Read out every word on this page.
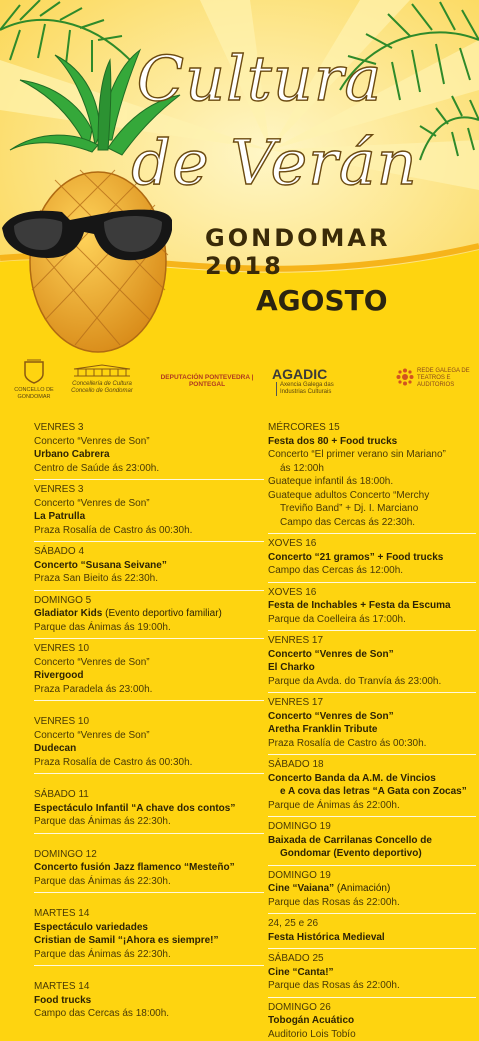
Cultura
de Verán
GONDOMAR 2018
AGOSTO
CONCELLO DE GONDOMAR
Concellería de Cultura Concello de Gondomar
DEPUTACIÓN PONTEVEDRA | PONTEGAL
AGADIC Axencia Galega das Industrias Culturais
REDE GALEGA DE TEATROS E AUDITORIOS
VENRES 3
Concerto “Venres de Son”
Urbano Cabrera
Centro de Saúde ás 23:00h.
VENRES 3
Concerto “Venres de Son”
La Patrulla
Praza Rosalía de Castro ás 00:30h.
SÁBADO 4
Concerto “Susana Seivane”
Praza San Bieito ás 22:30h.
DOMINGO 5
Gladiator Kids (Evento deportivo familiar)
Parque das Ánimas ás 19:00h.
VENRES 10
Concerto “Venres de Son”
Rivergood
Praza Paradela ás 23:00h.
VENRES 10
Concerto “Venres de Son”
Dudecan
Praza Rosalía de Castro ás 00:30h.
SÁBADO 11
Espectáculo Infantil “A chave dos contos”
Parque das Ánimas ás 22:30h.
DOMINGO 12
Concerto fusión Jazz flamenco “Mesteño”
Parque das Ánimas ás 22:30h.
MARTES 14
Espectáculo variedades
Cristian de Samil “¡Ahora es siempre!”
Parque das Ánimas ás 22:30h.
MARTES 14
Food trucks
Campo das Cercas ás 18:00h.
MÉRCORES 15
Festa dos 80 + Food trucks
Concerto “El primer verano sin Mariano”
ás 12:00h
Guateque infantil ás 18:00h.
Guateque adultos Concerto “Merchy
Treviño Band” + Dj. I. Marciano
Campo das Cercas ás 22:30h.
XOVES 16
Concerto “21 gramos” + Food trucks
Campo das Cercas ás 12:00h.
XOVES 16
Festa de Inchables + Festa da Escuma
Parque da Coelleira ás 17:00h.
VENRES 17
Concerto “Venres de Son”
El Charko
Parque da Avda. do Tranvía ás 23:00h.
VENRES 17
Concerto “Venres de Son”
Aretha Franklin Tribute
Praza Rosalía de Castro ás 00:30h.
SÁBADO 18
Concerto Banda da A.M. de Vincios
e A cova das letras “A Gata con Zocas”
Parque de Ánimas ás 22:00h.
DOMINGO 19
Baixada de Carrilanas Concello de
Gondomar (Evento deportivo)
DOMINGO 19
Cine “Vaiana” (Animación)
Parque das Rosas ás 22:00h.
24, 25 e 26
Festa Histórica Medieval
SÁBADO 25
Cine “Canta!”
Parque das Rosas ás 22:00h.
DOMINGO 26
Tobogán Acuático
Auditorio Lois Tobío
